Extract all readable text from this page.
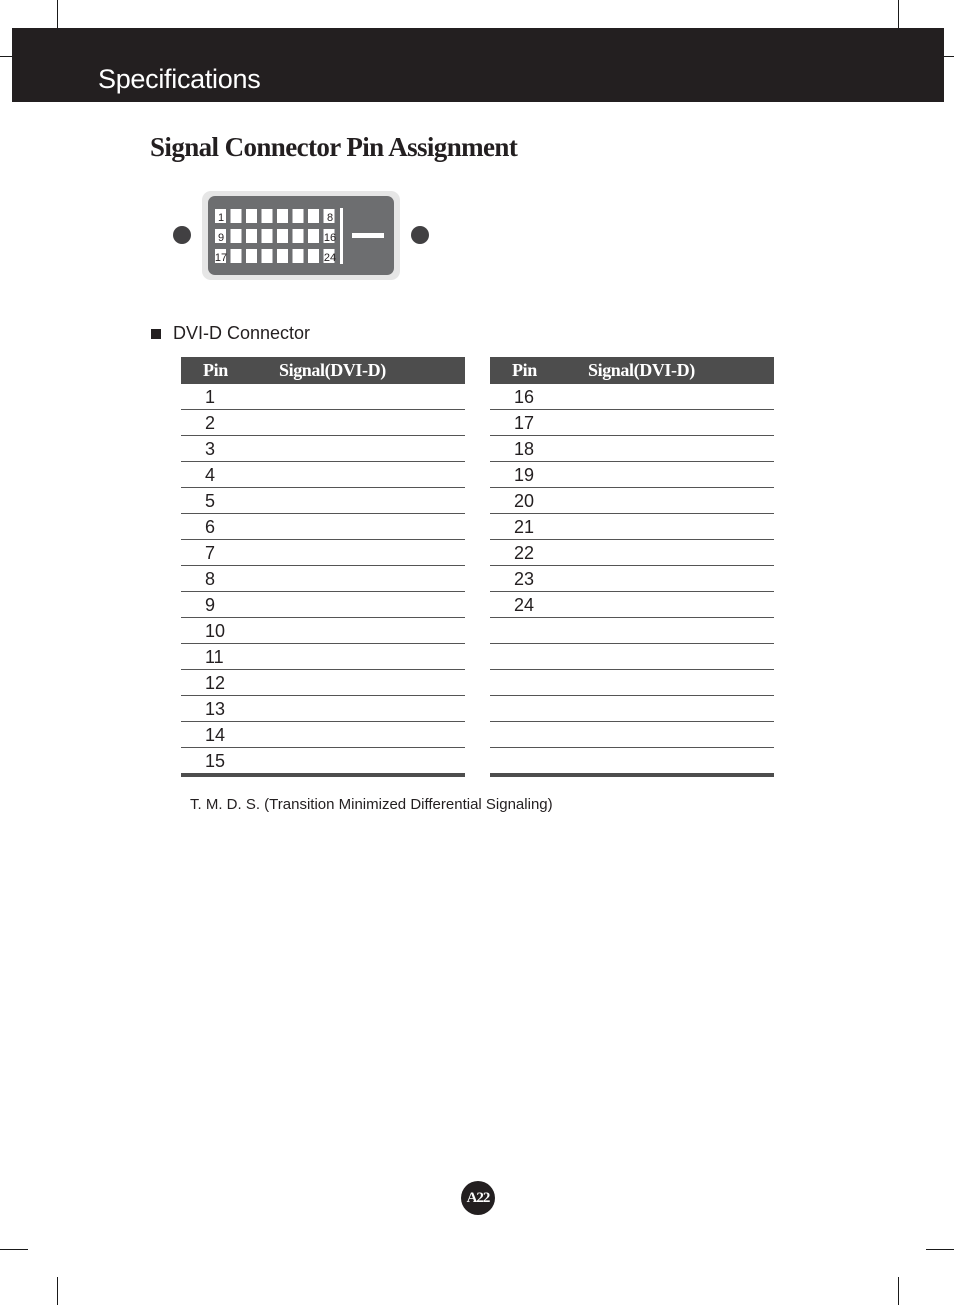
Specifications
Signal Connector Pin Assignment
1	8
9	16
17	24
DVI-D Connector
Pin	Signal(DVI-D)
1	
2	
3	
4	
5	
6	
7	
8	
9	
10	
11	
12	
13	
14	
15	
Pin	Signal(DVI-D)
16	
17	
18	
19	
20	
21	
22	
23	
24	

T. M. D. S. (Transition Minimized Differential Signaling)
A22
